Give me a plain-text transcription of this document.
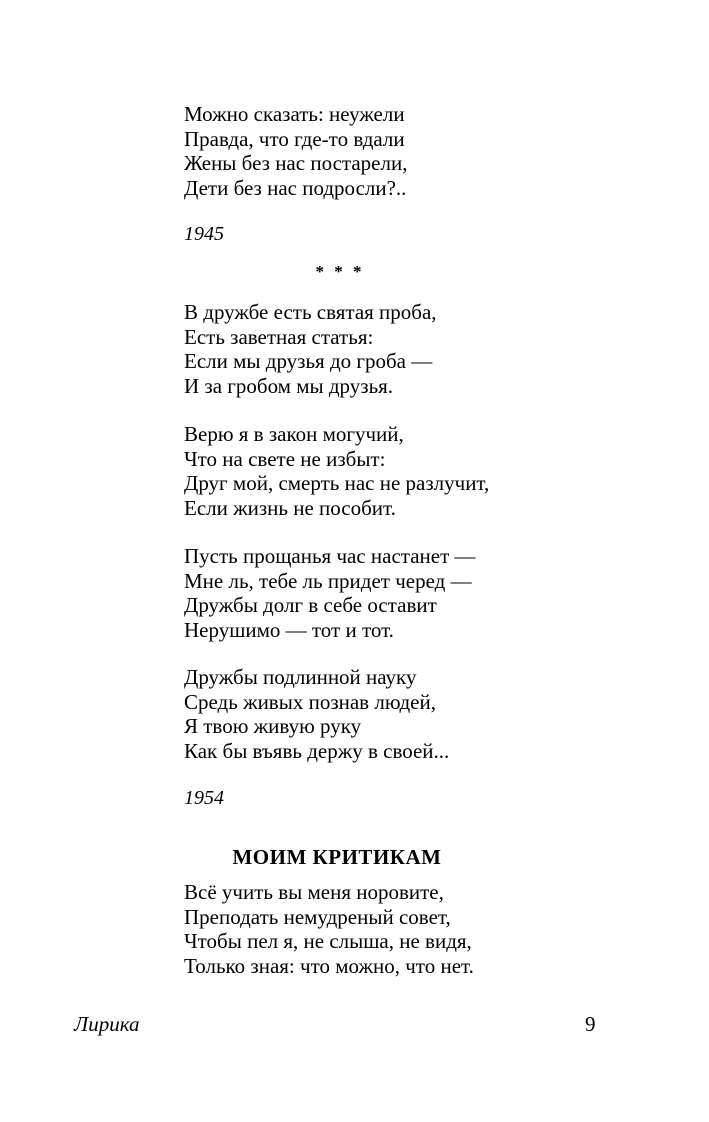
Можно сказать: неужели
Правда, что где-то вдали
Жены без нас постарели,
Дети без нас подросли?..
1945
* * *
В дружбе есть святая проба,
Есть заветная статья:
Если мы друзья до гроба —
И за гробом мы друзья.
Верю я в закон могучий,
Что на свете не избыт:
Друг мой, смерть нас не разлучит,
Если жизнь не пособит.
Пусть прощанья час настанет —
Мне ль, тебе ль придет черед —
Дружбы долг в себе оставит
Нерушимо — тот и тот.
Дружбы подлинной науку
Средь живых познав людей,
Я твою живую руку
Как бы въявь держу в своей...
1954
МОИМ КРИТИКАМ
Всё учить вы меня норовите,
Преподать немудреный совет,
Чтобы пел я, не слыша, не видя,
Только зная: что можно, что нет.
Лирика	9
